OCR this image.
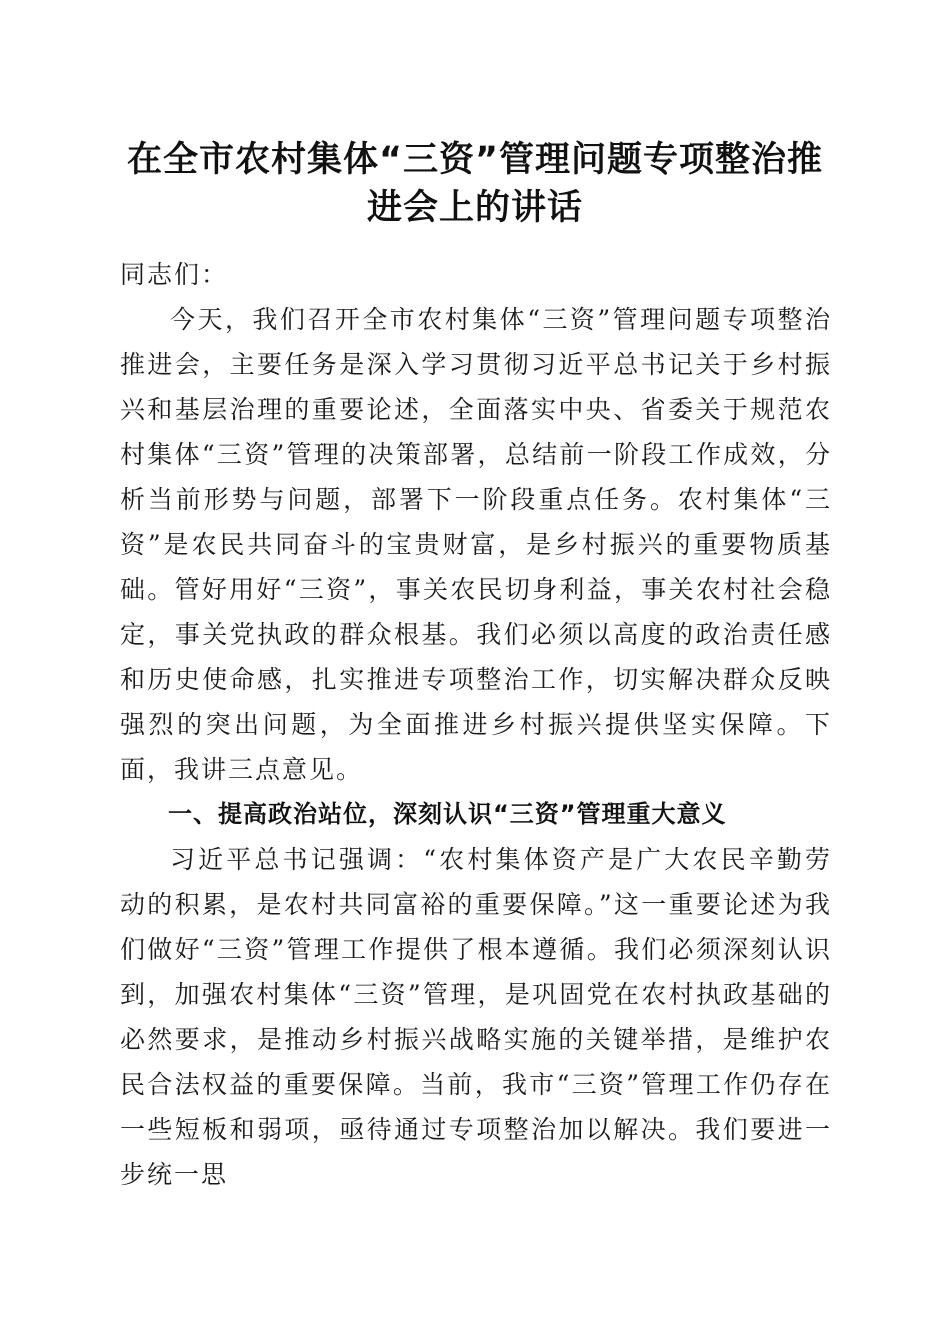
在全市农村集体“三资”管理问题专项整治推
进会上的讲话

同志们：

今天，我们召开全市农村集体“三资”管理问题专项整治推进会，主要任务是深入学习贯彻习近平总书记关于乡村振兴和基层治理的重要论述，全面落实中央、省委关于规范农村集体“三资”管理的决策部署，总结前一阶段工作成效，分析当前形势与问题，部署下一阶段重点任务。农村集体“三资”是农民共同奋斗的宝贵财富，是乡村振兴的重要物质基础。管好用好“三资”，事关农民切身利益，事关农村社会稳定，事关党执政的群众根基。我们必须以高度的政治责任感和历史使命感，扎实推进专项整治工作，切实解决群众反映强烈的突出问题，为全面推进乡村振兴提供坚实保障。下面，我讲三点意见。

一、提高政治站位，深刻认识“三资”管理重大意义

习近平总书记强调：“农村集体资产是广大农民辛勤劳动的积累，是农村共同富裕的重要保障。”这一重要论述为我们做好“三资”管理工作提供了根本遵循。我们必须深刻认识到，加强农村集体“三资”管理，是巩固党在农村执政基础的必然要求，是推动乡村振兴战略实施的关键举措，是维护农民合法权益的重要保障。当前，我市“三资”管理工作仍存在一些短板和弱项，亟待通过专项整治加以解决。我们要进一步统一思
